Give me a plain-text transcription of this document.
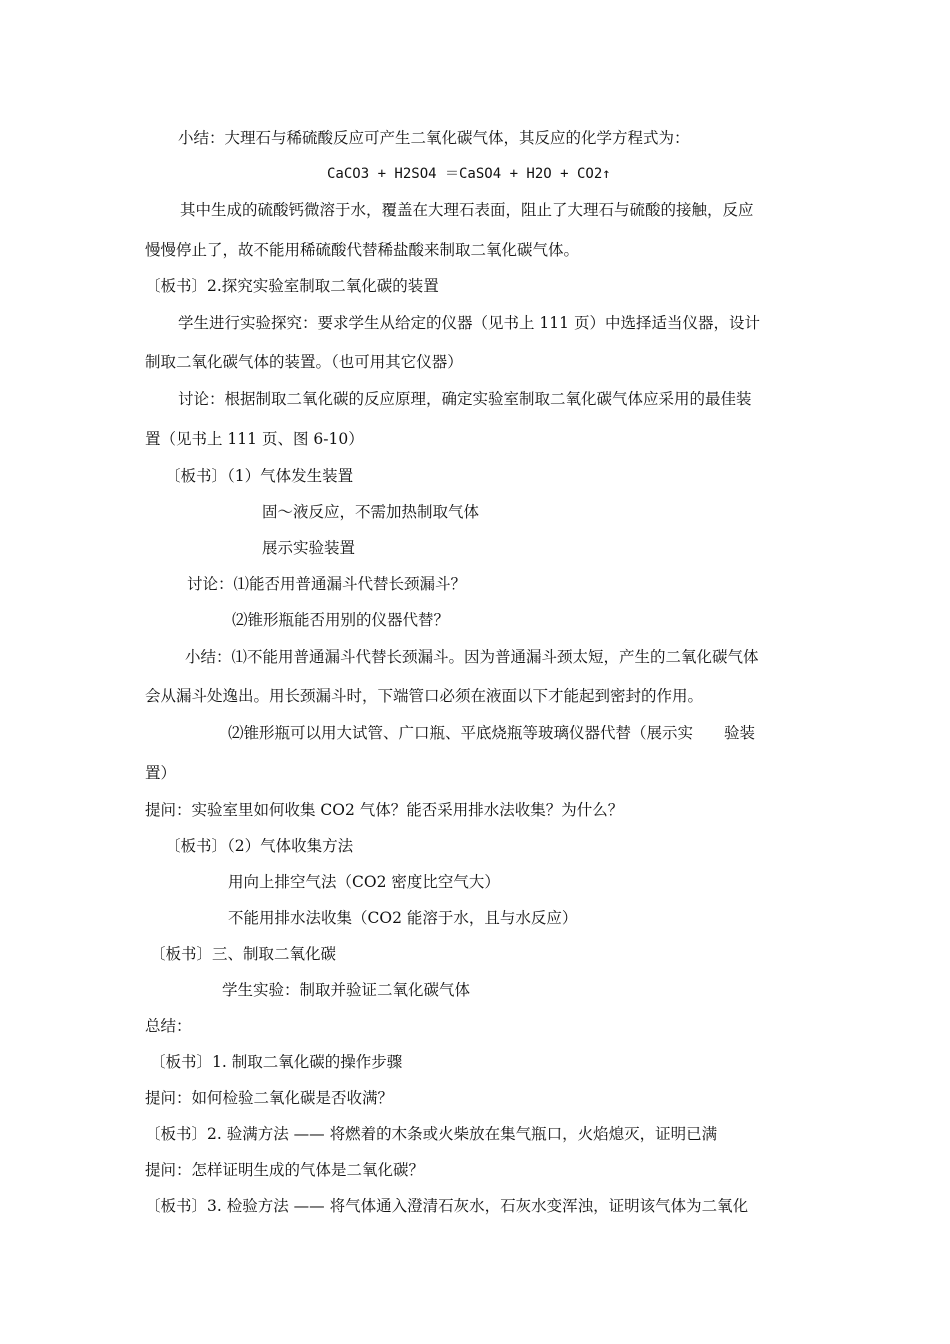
小结：大理石与稀硫酸反应可产生二氧化碳气体，其反应的化学方程式为：
CaCO3 + H2SO4 ＝CaSO4 + H2O + CO2↑
其中生成的硫酸钙微溶于水，覆盖在大理石表面，阻止了大理石与硫酸的接触，反应
慢慢停止了，故不能用稀硫酸代替稀盐酸来制取二氧化碳气体。
〔板书〕2.探究实验室制取二氧化碳的装置
学生进行实验探究：要求学生从给定的仪器（见书上 111 页）中选择适当仪器，设计
制取二氧化碳气体的装置。（也可用其它仪器）
讨论：根据制取二氧化碳的反应原理，确定实验室制取二氧化碳气体应采用的最佳装
置（见书上 111 页、图 6-10）
〔板书〕（1）气体发生装置
固～液反应，不需加热制取气体
展示实验装置
讨论：⑴能否用普通漏斗代替长颈漏斗？
⑵锥形瓶能否用别的仪器代替？
小结：⑴不能用普通漏斗代替长颈漏斗。因为普通漏斗颈太短，产生的二氧化碳气体
会从漏斗处逸出。用长颈漏斗时，下端管口必须在液面以下才能起到密封的作用。
⑵锥形瓶可以用大试管、广口瓶、平底烧瓶等玻璃仪器代替（展示实　　验装
置）
提问：实验室里如何收集 CO2 气体？能否采用排水法收集？为什么？
〔板书〕（2）气体收集方法
用向上排空气法（CO2 密度比空气大）
不能用排水法收集（CO2 能溶于水，且与水反应）
〔板书〕三、制取二氧化碳
学生实验：制取并验证二氧化碳气体
总结：
〔板书〕1. 制取二氧化碳的操作步骤
提问：如何检验二氧化碳是否收满？
〔板书〕2. 验满方法 —— 将燃着的木条或火柴放在集气瓶口，火焰熄灭，证明已满
提问：怎样证明生成的气体是二氧化碳？
〔板书〕3. 检验方法 —— 将气体通入澄清石灰水，石灰水变浑浊，证明该气体为二氧化
